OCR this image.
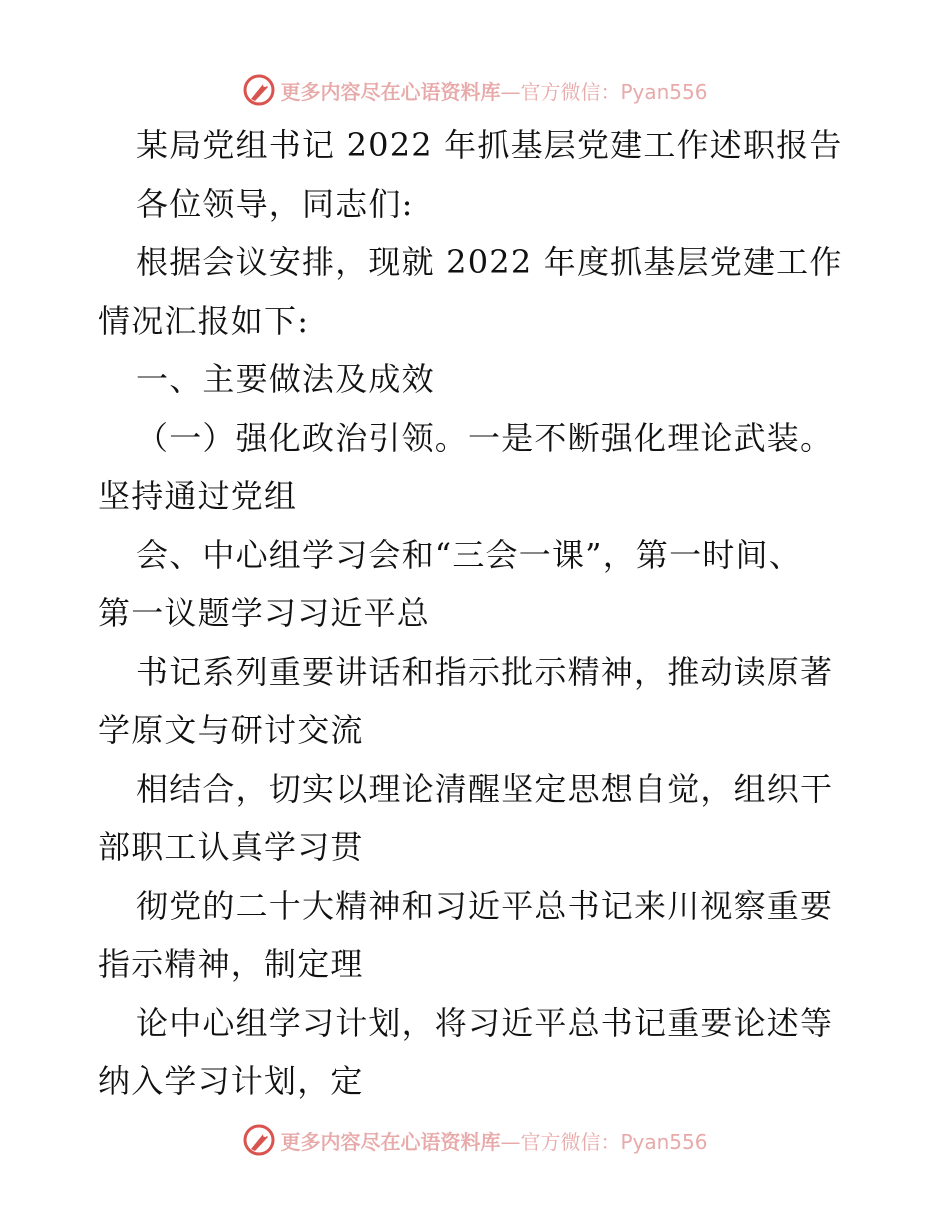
更多内容尽在心语资料库 —官方微信：Pyan556
某局党组书记 2022 年抓基层党建工作述职报告
各位领导，同志们:
根据会议安排，现就 2022 年度抓基层党建工作
情况汇报如下:
一、主要做法及成效
（一）强化政治引领。一是不断强化理论武装。
坚持通过党组
会、中心组学习会和“三会一课”，第一时间、
第一议题学习习近平总
书记系列重要讲话和指示批示精神，推动读原著
学原文与研讨交流
相结合，切实以理论清醒坚定思想自觉，组织干
部职工认真学习贯
彻党的二十大精神和习近平总书记来川视察重要
指示精神，制定理
论中心组学习计划，将习近平总书记重要论述等
纳入学习计划，定
更多内容尽在心语资料库 —官方微信：Pyan556
